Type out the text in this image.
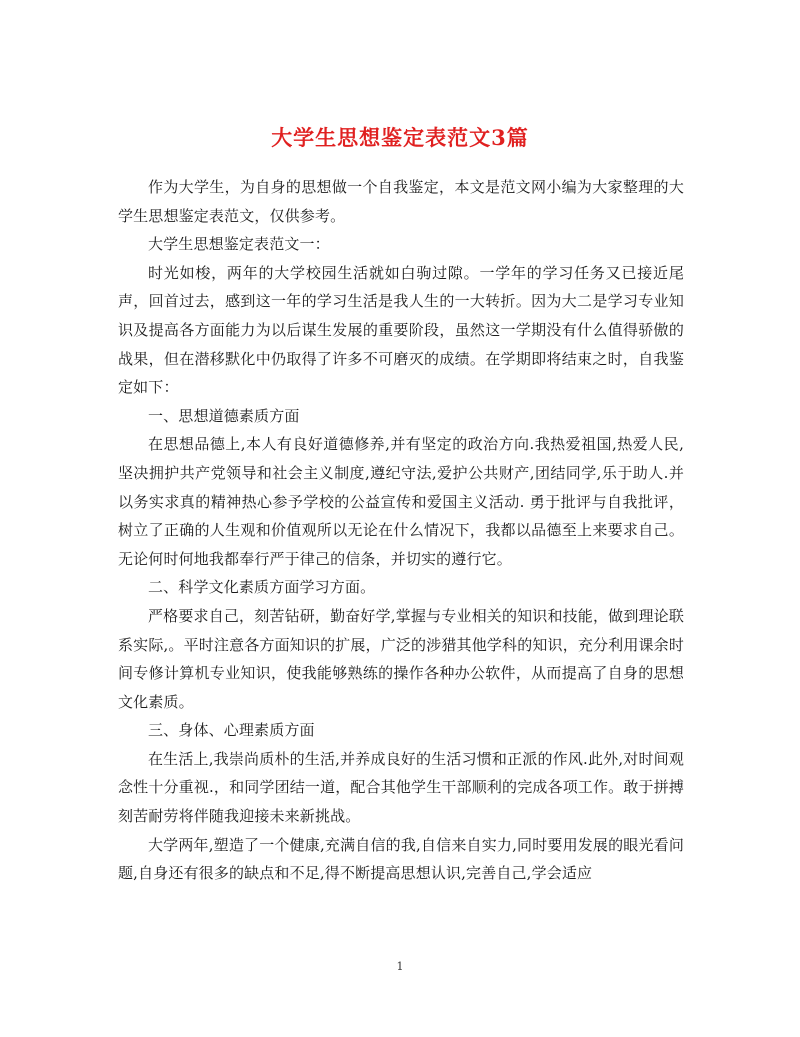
大学生思想鉴定表范文3篇

作为大学生，为自身的思想做一个自我鉴定，本文是范文网小编为大家整理的大学生思想鉴定表范文，仅供参考。

大学生思想鉴定表范文一：

时光如梭，两年的大学校园生活就如白驹过隙。一学年的学习任务又已接近尾声，回首过去，感到这一年的学习生活是我人生的一大转折。因为大二是学习专业知识及提高各方面能力为以后谋生发展的重要阶段，虽然这一学期没有什么值得骄傲的战果，但在潜移默化中仍取得了许多不可磨灭的成绩。在学期即将结束之时，自我鉴定如下：

一、思想道德素质方面

在思想品德上,本人有良好道德修养,并有坚定的政治方向.我热爱祖国,热爱人民,坚决拥护共产党领导和社会主义制度,遵纪守法,爱护公共财产,团结同学,乐于助人.并以务实求真的精神热心参予学校的公益宣传和爱国主义活动. 勇于批评与自我批评，树立了正确的人生观和价值观所以无论在什么情况下，我都以品德至上来要求自己。无论何时何地我都奉行严于律己的信条，并切实的遵行它。

二、科学文化素质方面学习方面。

严格要求自己，刻苦钻研，勤奋好学,掌握与专业相关的知识和技能，做到理论联系实际,。平时注意各方面知识的扩展，广泛的涉猎其他学科的知识，充分利用课余时间专修计算机专业知识，使我能够熟练的操作各种办公软件，从而提高了自身的思想文化素质。

三、身体、心理素质方面

在生活上,我崇尚质朴的生活,并养成良好的生活习惯和正派的作风.此外,对时间观念性十分重视.，和同学团结一道，配合其他学生干部顺利的完成各项工作。敢于拼搏刻苦耐劳将伴随我迎接未来新挑战。

大学两年,塑造了一个健康,充满自信的我,自信来自实力,同时要用发展的眼光看问题,自身还有很多的缺点和不足,得不断提高思想认识,完善自己,学会适应

1
